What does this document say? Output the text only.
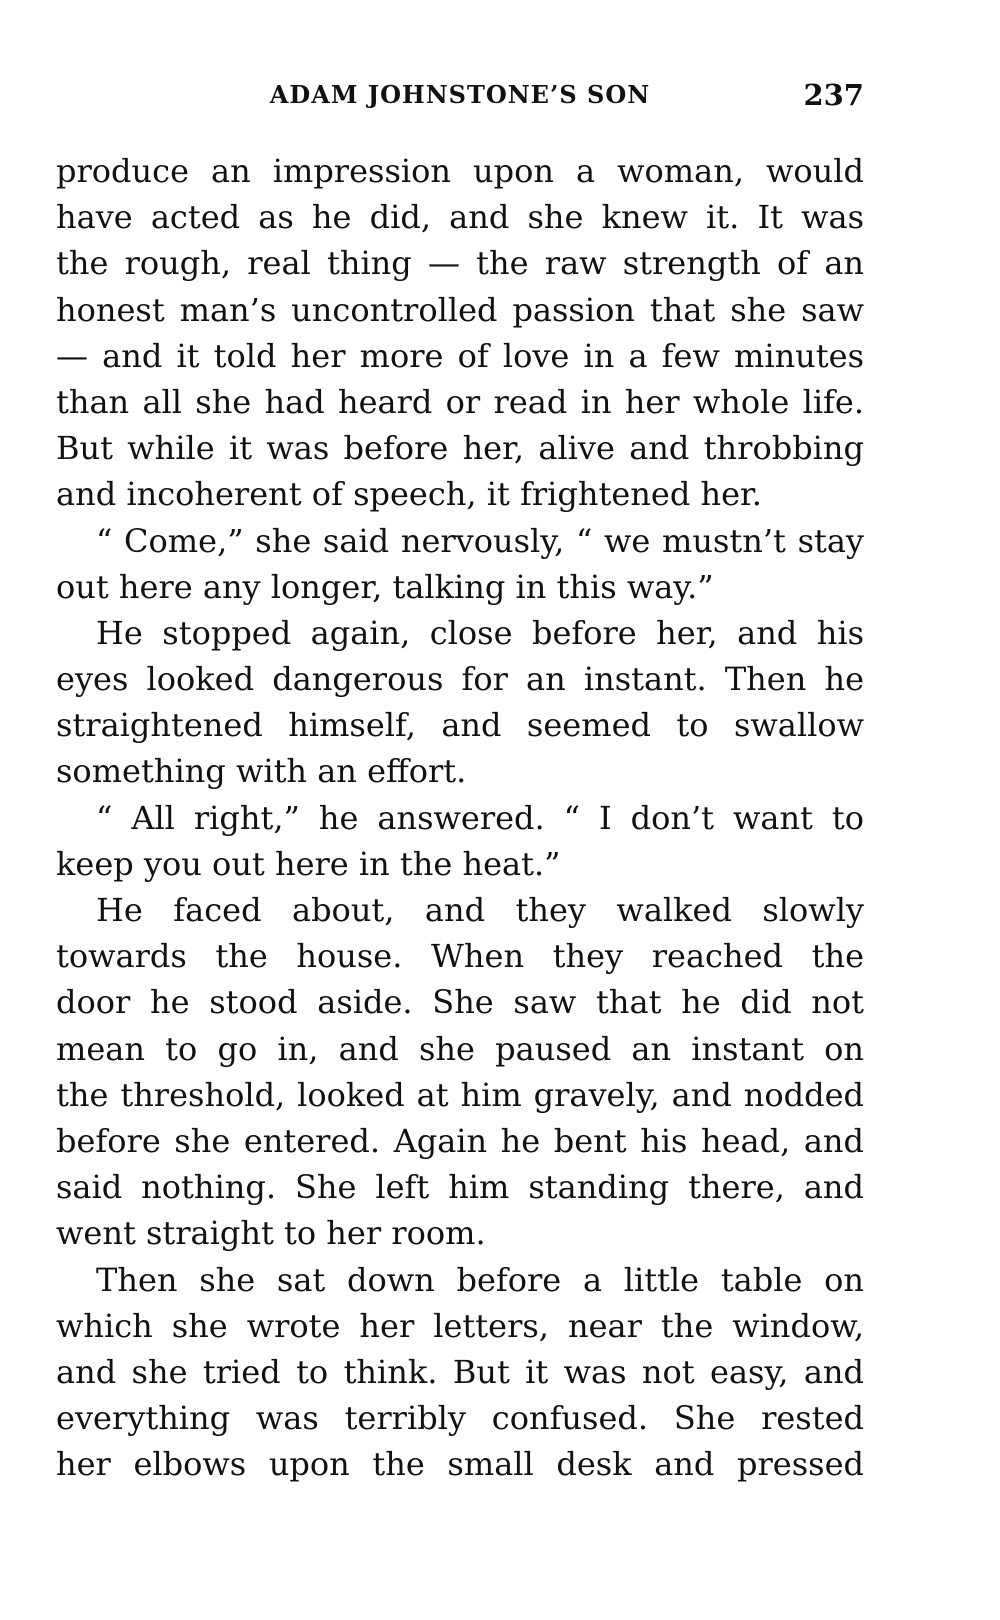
ADAM JOHNSTONE’S SON	237
produce an impression upon a woman, would
have acted as he did, and she knew it. It was
the rough, real thing — the raw strength of an
honest man’s uncontrolled passion that she saw
— and it told her more of love in a few minutes
than all she had heard or read in her whole life.
But while it was before her, alive and throbbing
and incoherent of speech, it frightened her.
“ Come,” she said nervously, “ we mustn’t stay
out here any longer, talking in this way.”
He stopped again, close before her, and his
eyes looked dangerous for an instant. Then he
straightened himself, and seemed to swallow
something with an effort.
“ All right,” he answered. “ I don’t want to
keep you out here in the heat.”
He faced about, and they walked slowly
towards the house. When they reached the
door he stood aside. She saw that he did not
mean to go in, and she paused an instant on
the threshold, looked at him gravely, and nodded
before she entered. Again he bent his head, and
said nothing. She left him standing there, and
went straight to her room.
Then she sat down before a little table on
which she wrote her letters, near the window,
and she tried to think. But it was not easy, and
everything was terribly confused. She rested
her elbows upon the small desk and pressed
